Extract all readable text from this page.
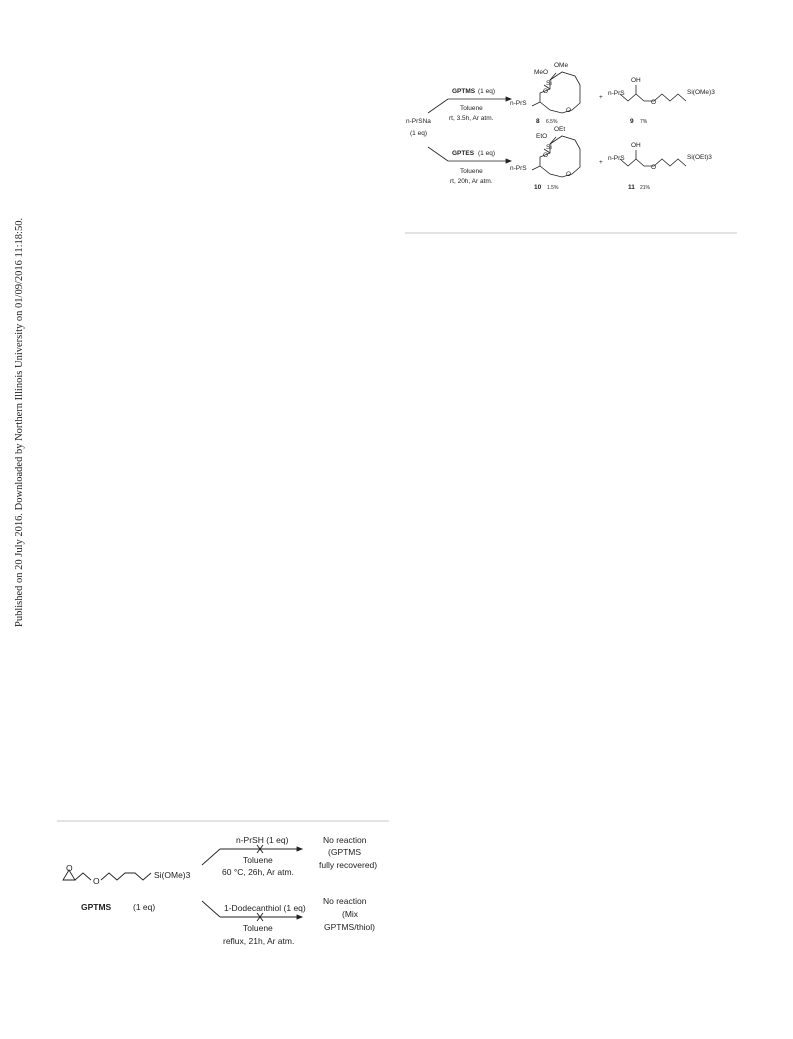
Published on 20 July 2016. Downloaded by Northern Illinois University on 01/09/2016 11:18:50.
n-PrSNa
(1 eq)
GPTMS (1 eq)
Toluene
rt, 3.5h, Ar atm.
MeO
OMe
Si
O
O
n-PrS
8 6.5%
+
n-PrS
OH
O
Si(OMe)3
9 7%
GPTES (1 eq)
Toluene
rt, 20h, Ar atm.
EtO
OEt
Si
O
O
n-PrS
10 1.5%
+
n-PrS
OH
O
Si(OEt)3
11 21%
O
O
Si(OMe)3
GPTMS	(1 eq)
n-PrSH (1 eq)
Toluene
60 °C, 26h, Ar atm.
No reaction
(GPTMS
fully recovered)
1-Dodecanthiol (1 eq)
Toluene
reflux, 21h, Ar atm.
No reaction
(Mix
GPTMS/thiol)
